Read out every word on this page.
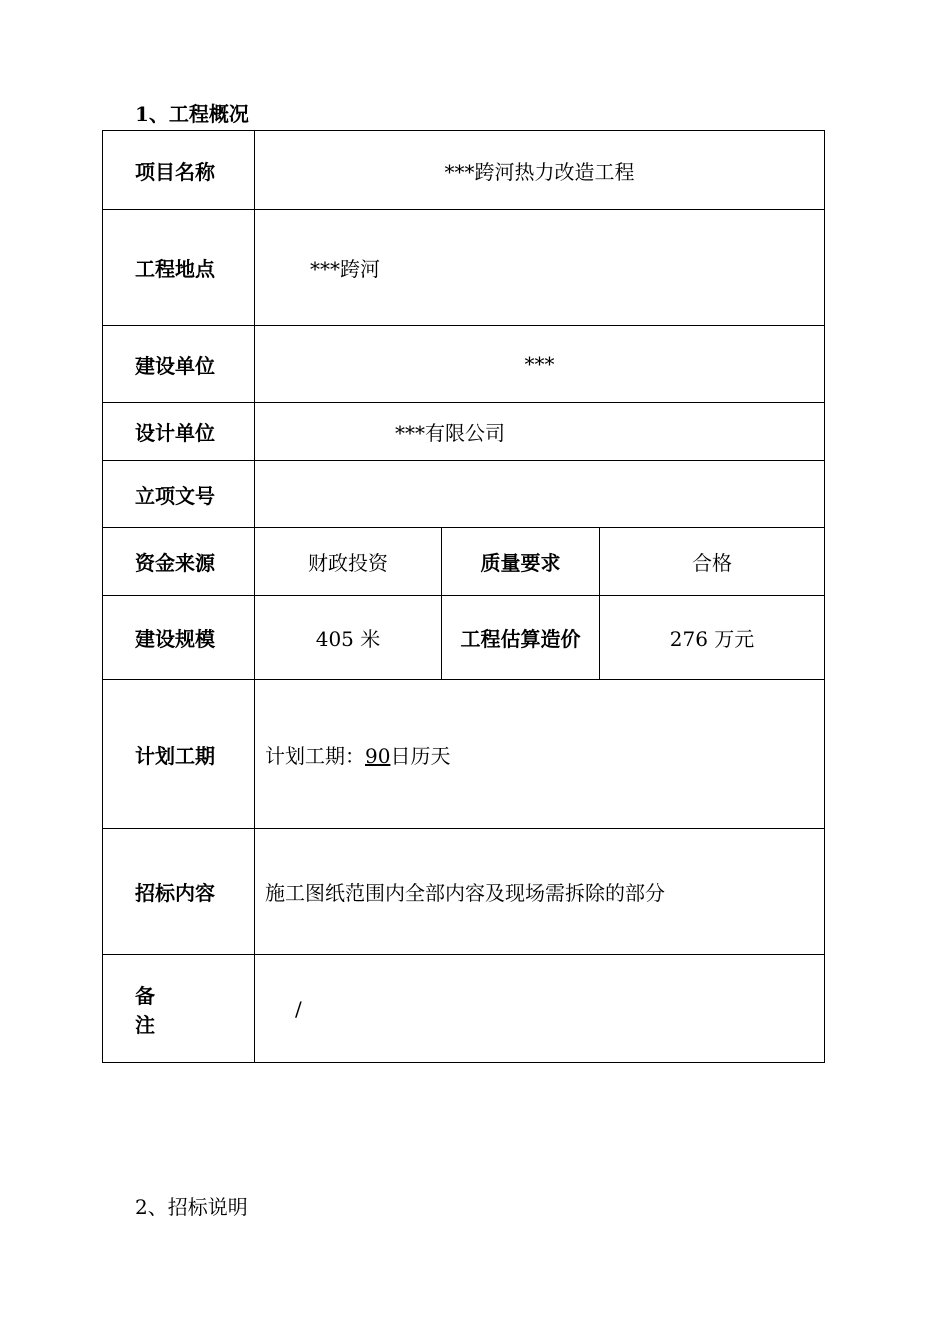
1、工程概况
项目名称	***跨河热力改造工程		
工程地点	***跨河		
建设单位	***		
设计单位	***有限公司		
立项文号			
资金来源	财政投资	质量要求	合格
建设规模	405 米	工程估算造价	276 万元
计划工期	计划工期：90日历天		
招标内容	施工图纸范围内全部内容及现场需拆除的部分		
备 注	/		
2、招标说明
